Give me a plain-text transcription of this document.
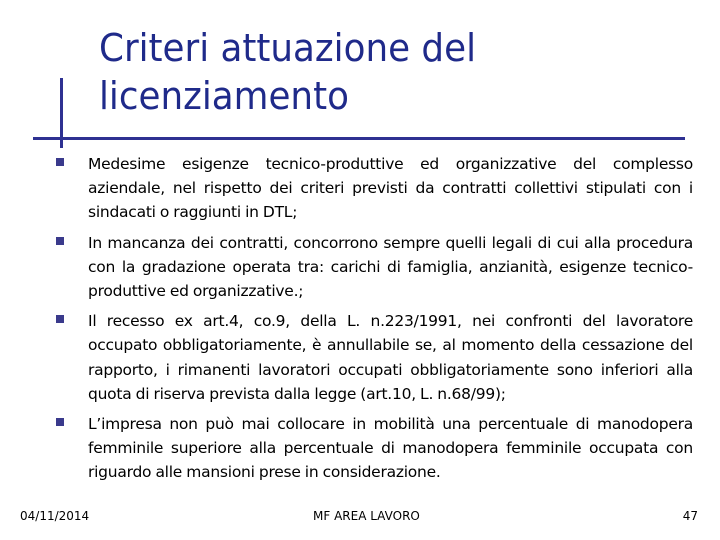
Criteri attuazione del
licenziamento
Medesime esigenze tecnico-produttive ed organizzative del complesso aziendale, nel rispetto dei criteri previsti da contratti collettivi stipulati con i sindacati o raggiunti in DTL;
In mancanza dei contratti, concorrono sempre quelli legali di cui alla procedura con la gradazione operata tra: carichi di famiglia, anzianità, esigenze tecnico-produttive ed organizzative.;
Il recesso ex art.4, co.9, della L. n.223/1991, nei confronti del lavoratore occupato obbligatoriamente, è annullabile se, al momento della cessazione del rapporto, i rimanenti lavoratori occupati obbligatoriamente sono inferiori alla quota di riserva prevista dalla legge (art.10, L. n.68/99);
L’impresa non può mai collocare in mobilità una percentuale di manodopera femminile superiore alla percentuale di manodopera femminile occupata con riguardo alle mansioni prese in considerazione.
04/11/2014	MF AREA LAVORO	47
